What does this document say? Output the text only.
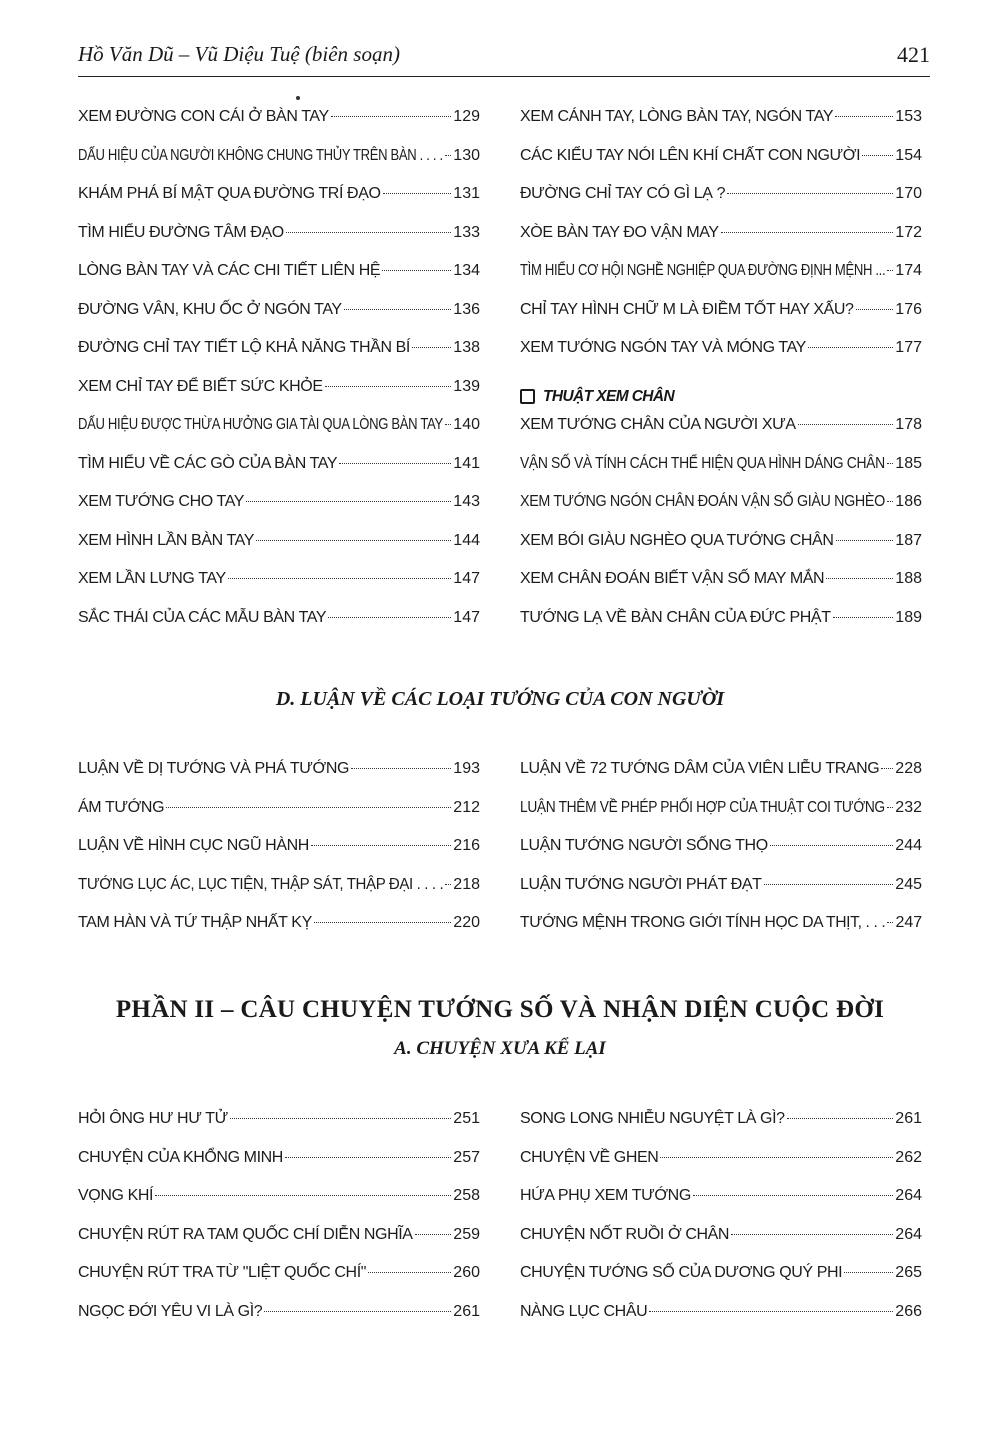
Hồ Văn Dũ – Vũ Diệu Tuệ (biên soạn)	421
XEM ĐƯỜNG CON CÁI Ở BÀN TAY	129
DẤU HIỆU CỦA NGƯỜI KHÔNG CHUNG THỦY TRÊN BÀN . . . . 130
KHÁM PHÁ BÍ MẬT QUA ĐƯỜNG TRÍ ĐẠO	131
TÌM HIỂU ĐƯỜNG TÂM ĐẠO	133
LÒNG BÀN TAY VÀ CÁC CHI TIẾT LIÊN HỆ	134
ĐƯỜNG VÂN, KHU ỐC Ở NGÓN TAY	136
ĐƯỜNG CHỈ TAY TIẾT LỘ KHẢ NĂNG THẦN BÍ	138
XEM CHỈ TAY ĐỂ BIẾT SỨC KHỎE	139
DẤU HIỆU ĐƯỢC THỪA HƯỞNG GIA TÀI QUA LÒNG BÀN TAY 140
TÌM HIỂU VỀ CÁC GÒ CỦA BÀN TAY	141
XEM TƯỚNG CHO TAY	143
XEM HÌNH LẦN BÀN TAY	144
XEM LẦN LƯNG TAY	147
SẮC THÁI CỦA CÁC MẪU BÀN TAY	147
XEM CÁNH TAY, LÒNG BÀN TAY, NGÓN TAY	153
CÁC KIỂU TAY NÓI LÊN KHÍ CHẤT CON NGƯỜI 154
ĐƯỜNG CHỈ TAY CÓ GÌ LẠ ?	170
XÒE BÀN TAY ĐO VẬN MAY	172
TÌM HIỂU CƠ HỘI NGHỀ NGHIỆP QUA ĐƯỜNG ĐỊNH MỆNH ... 174
CHỈ TAY HÌNH CHỮ M LÀ ĐIỀM TỐT HAY XẤU?	176
XEM TƯỚNG NGÓN TAY VÀ MÓNG TAY	177
THUẬT XEM CHÂN
XEM TƯỚNG CHÂN CỦA NGƯỜI XƯA	178
VẬN SỐ VÀ TÍNH CÁCH THỂ HIỆN QUA HÌNH DÁNG CHÂN 185
XEM TƯỚNG NGÓN CHÂN ĐOÁN VẬN SỐ GIÀU NGHÈO 186
XEM BÓI GIÀU NGHÈO QUA TƯỚNG CHÂN	187
XEM CHÂN ĐOÁN BIẾT VẬN SỐ MAY MẮN	188
TƯỚNG LẠ VỀ BÀN CHÂN CỦA ĐỨC PHẬT	189
D. LUẬN VỀ CÁC LOẠI TƯỚNG CỦA CON NGƯỜI
LUẬN VỀ DỊ TƯỚNG VÀ PHÁ TƯỚNG	193
ÁM TƯỚNG	212
LUẬN VỀ HÌNH CỤC NGŨ HÀNH	216
TƯỚNG LỤC ÁC, LỤC TIỆN, THẬP SÁT, THẬP ĐẠI . . . . 218
TAM HÀN VÀ TỨ THẬP NHẤT KỴ	220
LUẬN VỀ 72 TƯỚNG DÂM CỦA VIÊN LIỄU TRANG 228
LUẬN THÊM VỀ PHÉP PHỐI HỢP CỦA THUẬT COI TƯỚNG 232
LUẬN TƯỚNG NGƯỜI SỐNG THỌ	244
LUẬN TƯỚNG NGƯỜI PHÁT ĐẠT	245
TƯỚNG MỆNH TRONG GIỚI TÍNH HỌC DA THỊT, . . . 247
PHẦN II – CÂU CHUYỆN TƯỚNG SỐ VÀ NHẬN DIỆN CUỘC ĐỜI
A. CHUYỆN XƯA KỂ LẠI
HỎI ÔNG HƯ HƯ TỬ	251
CHUYỆN CỦA KHỔNG MINH	257
VỌNG KHÍ	258
CHUYỆN RÚT RA TAM QUỐC CHÍ DIỄN NGHĨA	259
CHUYỆN RÚT TRA TỪ "LIỆT QUỐC CHÍ"	260
NGỌC ĐỚI YÊU VI LÀ GÌ?	261
SONG LONG NHIỄU NGUYỆT LÀ GÌ?	261
CHUYỆN VỀ GHEN	262
HỨA PHỤ XEM TƯỚNG	264
CHUYỆN NỐT RUỒI Ở CHÂN	264
CHUYỆN TƯỚNG SỐ CỦA DƯƠNG QUÝ PHI	265
NÀNG LỤC CHÂU	266
